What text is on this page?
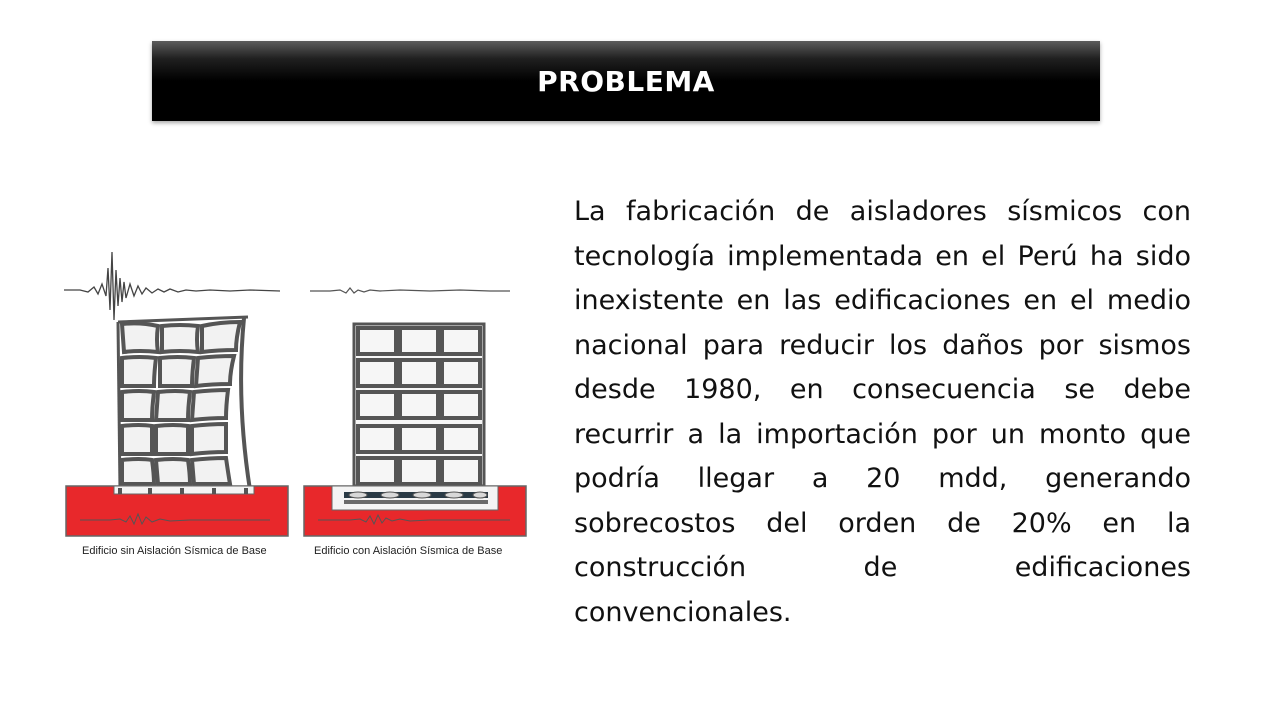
PROBLEMA

La fabricación de aisladores sísmicos con tecnología implementada en el Perú ha sido inexistente en las edificaciones en el medio nacional para reducir los daños por sismos desde 1980, en consecuencia se debe recurrir a la importación por un monto que podría llegar a 20 mdd, generando sobrecostos del orden de 20% en la construcción de edificaciones convencionales.

Edificio sin Aislación Sísmica de Base	Edificio con Aislación Sísmica de Base
